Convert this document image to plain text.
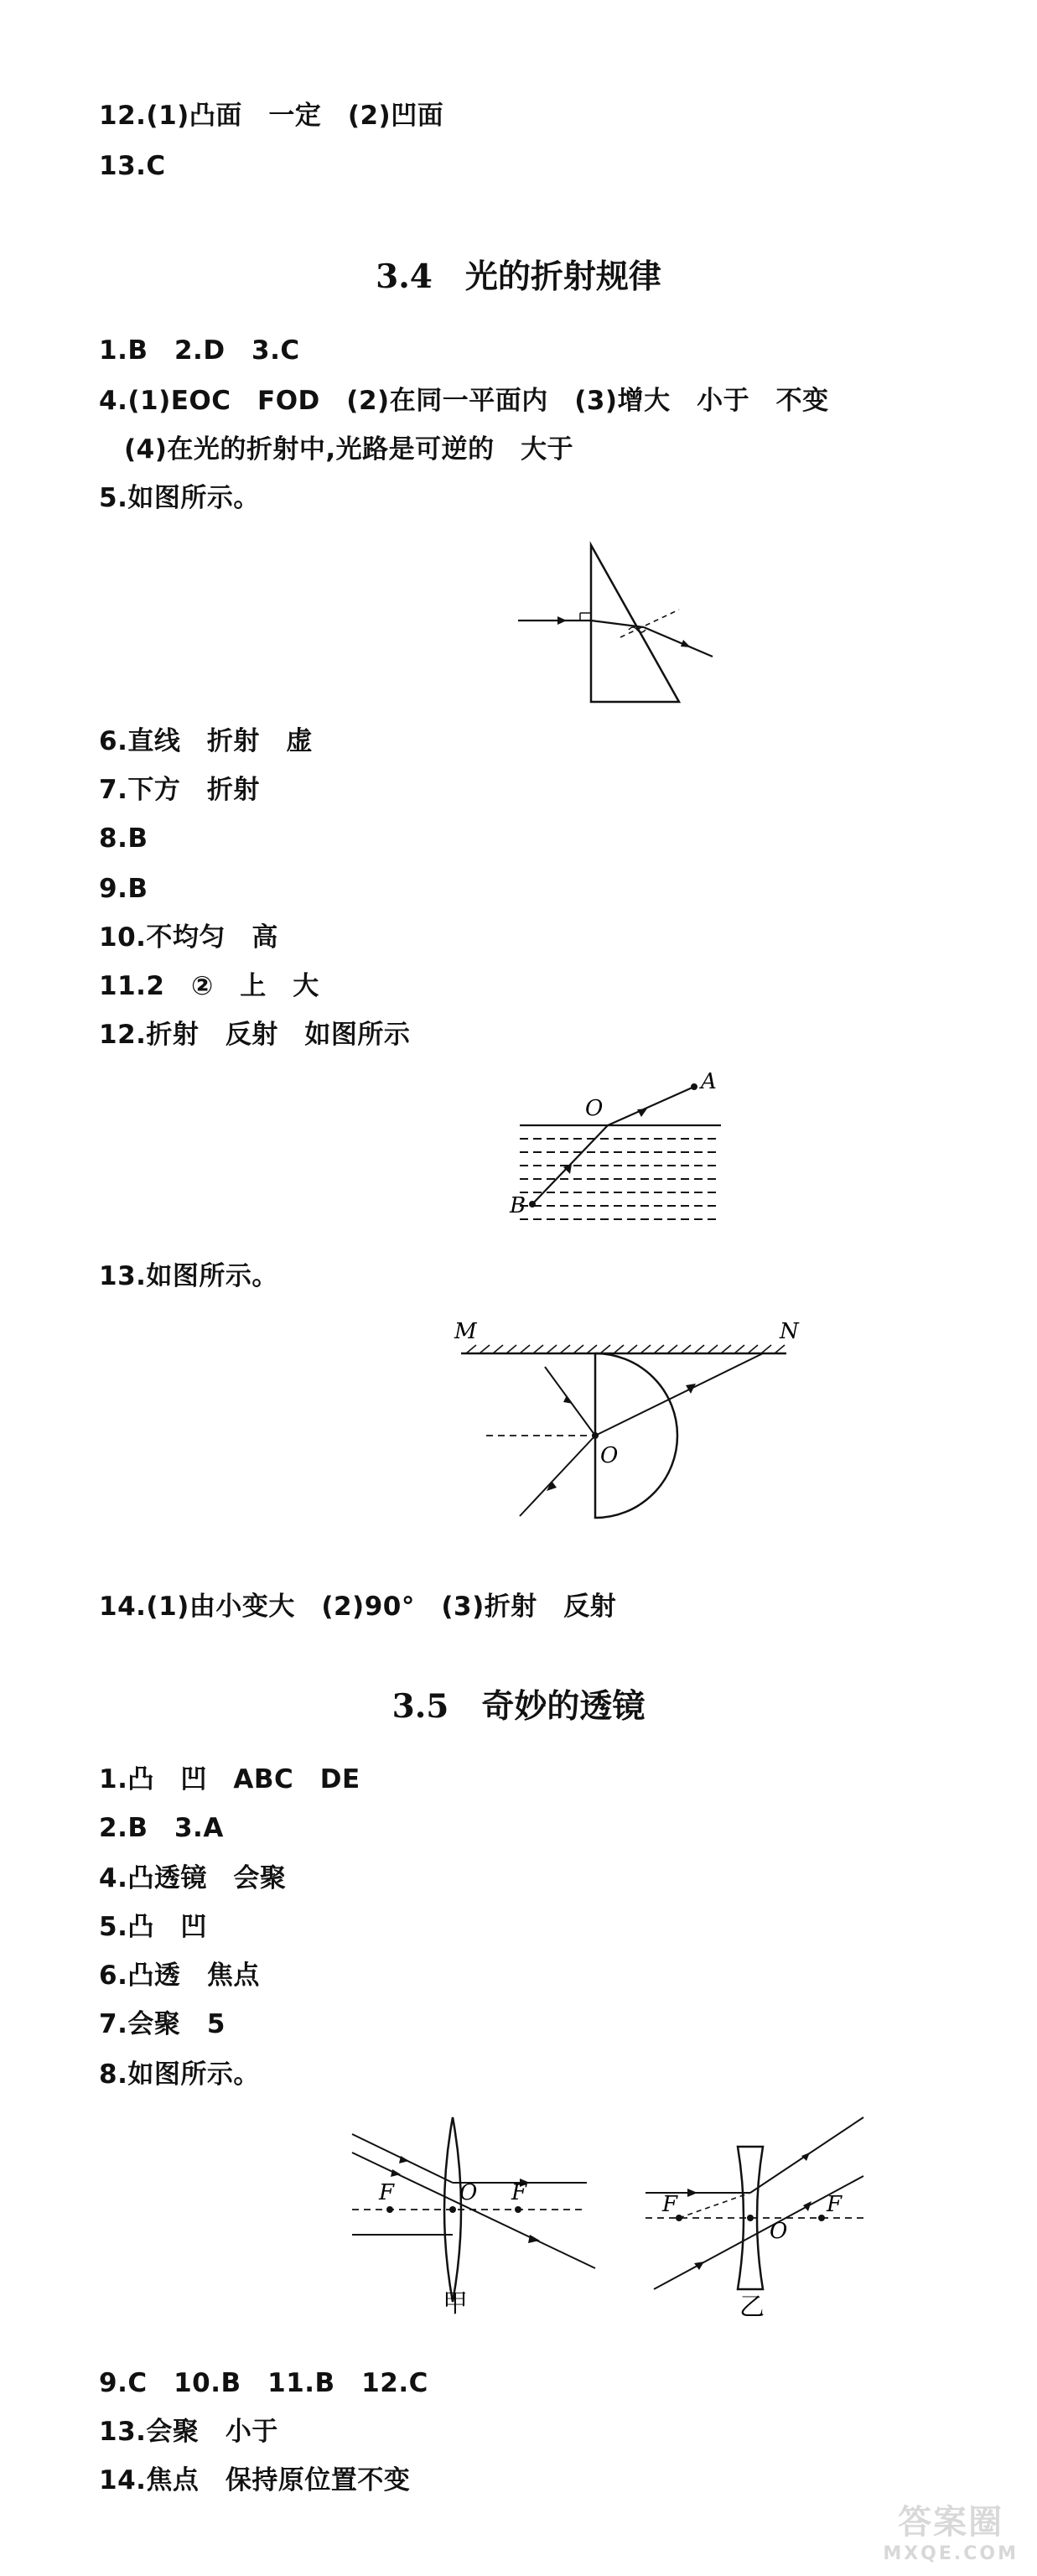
12.(1)凸面　一定　(2)凹面
13.C
3.4　光的折射规律
1.B　2.D　3.C
4.(1)EOC　FOD　(2)在同一平面内　(3)增大　小于　不变
(4)在光的折射中,光路是可逆的　大于
5.如图所示。
6.直线　折射　虚
7.下方　折射
8.B
9.B
10.不均匀　高
11.2　②　上　大
12.折射　反射　如图所示
O
A
B
13.如图所示。
M	N
O
14.(1)由小变大　(2)90°　(3)折射　反射
3.5　奇妙的透镜
1.凸　凹　ABC　DE
2.B　3.A
4.凸透镜　会聚
5.凸　凹
6.凸透　焦点
7.会聚　5
8.如图所示。
F	O F
甲
F
O
F
乙
9.C　10.B　11.B　12.C
13.会聚　小于
14.焦点　保持原位置不变
答案圈
MXQE.COM
